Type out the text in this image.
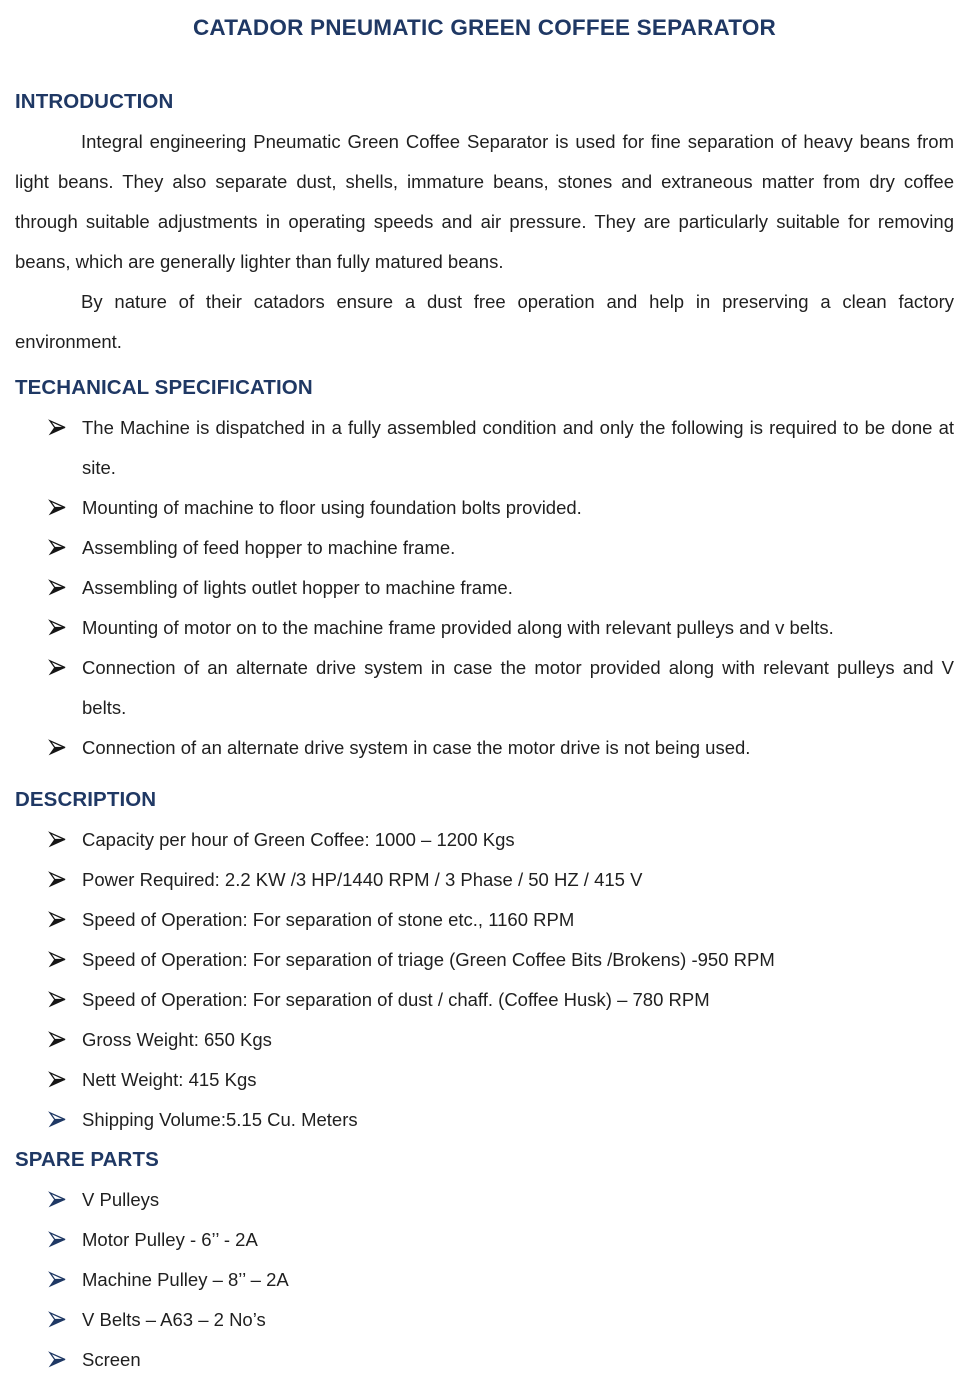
CATADOR PNEUMATIC GREEN COFFEE SEPARATOR
INTRODUCTION

Integral engineering Pneumatic Green Coffee Separator is used for fine separation of heavy beans from light beans. They also separate dust, shells, immature beans, stones and extraneous matter from dry coffee through suitable adjustments in operating speeds and air pressure. They are particularly suitable for removing beans, which are generally lighter than fully matured beans.

By nature of their catadors ensure a dust free operation and help in preserving a clean factory environment.

TECHANICAL SPECIFICATION
The Machine is dispatched in a fully assembled condition and only the following is required to be done at site.
Mounting of machine to floor using foundation bolts provided.
Assembling of feed hopper to machine frame.
Assembling of lights outlet hopper to machine frame.
Mounting of motor on to the machine frame provided along with relevant pulleys and v belts.
Connection of an alternate drive system in case the motor provided along with relevant pulleys and V belts.
Connection of an alternate drive system in case the motor drive is not being used.
DESCRIPTION
Capacity per hour of Green Coffee: 1000 – 1200 Kgs
Power Required: 2.2 KW /3 HP/1440 RPM / 3 Phase / 50 HZ / 415 V
Speed of Operation: For separation of stone etc., 1160 RPM
Speed of Operation: For separation of triage (Green Coffee Bits /Brokens) -950 RPM
Speed of Operation: For separation of dust / chaff. (Coffee Husk) – 780 RPM
Gross Weight: 650 Kgs
Nett Weight: 415 Kgs
Shipping Volume:5.15 Cu. Meters
SPARE PARTS
V Pulleys
Motor Pulley - 6’’ - 2A
Machine Pulley – 8’’ – 2A
V Belts – A63 – 2 No’s
Screen
